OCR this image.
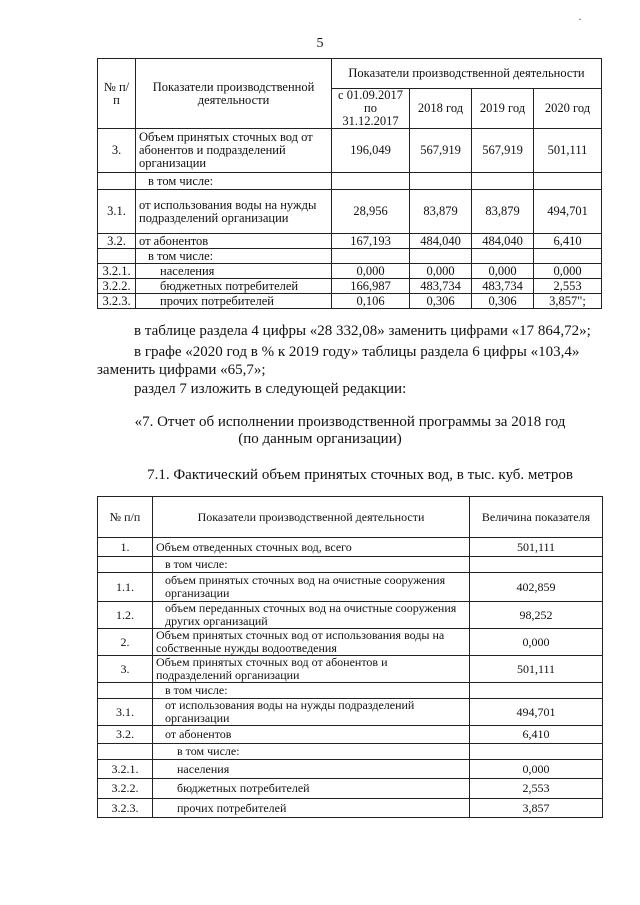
5
№ п/п	Показатели производственной деятельности	Показатели производственной деятельности			
		с 01.09.2017 по 31.12.2017	2018 год	2019 год	2020 год
3.	Объем принятых сточных вод от абонентов и подразделений организации	196,049	567,919	567,919	501,111
	в том числе:				
3.1.	от использования воды на нужды подразделений организации	28,956	83,879	83,879	494,701
3.2.	от абонентов	167,193	484,040	484,040	6,410
	в том числе:				
3.2.1.	населения	0,000	0,000	0,000	0,000
3.2.2.	бюджетных потребителей	166,987	483,734	483,734	2,553
3.2.3.	прочих потребителей	0,106	0,306	0,306	3,857";

в таблице раздела 4 цифры «28 332,08» заменить цифрами «17 864,72»;

в графе «2020 год в % к 2019 году» таблицы раздела 6 цифры «103,4»

заменить цифрами «65,7»;

раздел 7 изложить в следующей редакции:

«7. Отчет об исполнении производственной программы за 2018 год
(по данным организации)
7.1. Фактический объем принятых сточных вод, в тыс. куб. метров
№ п/п	Показатели производственной деятельности	Величина показателя
1.	Объем отведенных сточных вод, всего	501,111
	в том числе:	
1.1.	объем принятых сточных вод на очистные сооружения организации	402,859
1.2.	объем переданных сточных вод на очистные сооружения других организаций	98,252
2.	Объем принятых сточных вод от использования воды на собственные нужды водоотведения	0,000
3.	Объем принятых сточных вод от абонентов и подразделений организации	501,111
	в том числе:	
3.1.	от использования воды на нужды подразделений организации	494,701
3.2.	от абонентов	6,410
	в том числе:	
3.2.1.	населения	0,000
3.2.2.	бюджетных потребителей	2,553
3.2.3.	прочих потребителей	3,857
·
